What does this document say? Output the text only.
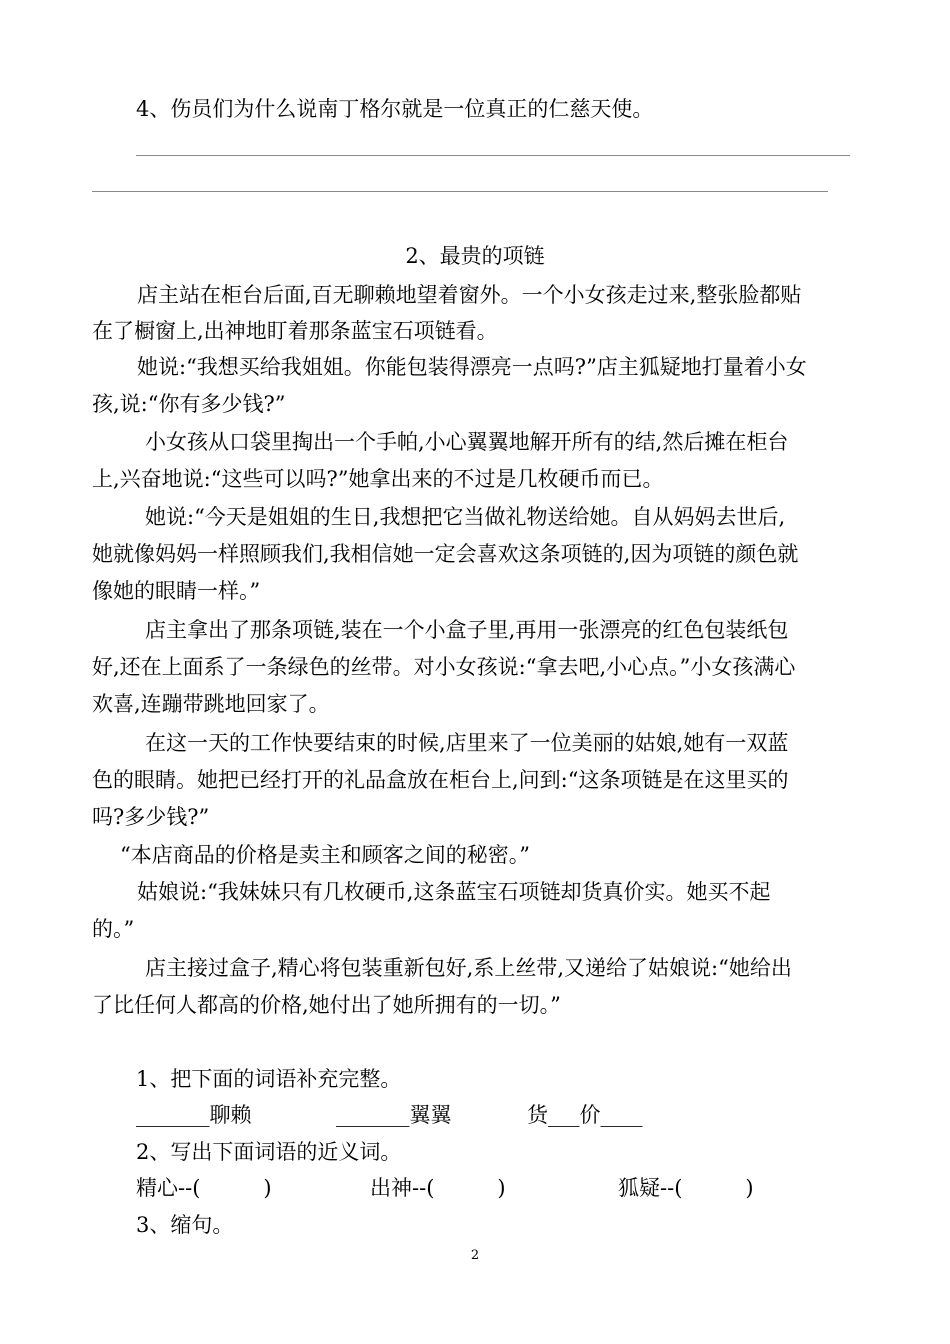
4、伤员们为什么说南丁格尔就是一位真正的仁慈天使。
2、最贵的项链
店主站在柜台后面,百无聊赖地望着窗外。一个小女孩走过来,整张脸都贴
在了橱窗上,出神地盯着那条蓝宝石项链看。
她说:“我想买给我姐姐。你能包装得漂亮一点吗?”店主狐疑地打量着小女
孩,说:“你有多少钱?”
小女孩从口袋里掏出一个手帕,小心翼翼地解开所有的结,然后摊在柜台
上,兴奋地说:“这些可以吗?”她拿出来的不过是几枚硬币而已。
她说:“今天是姐姐的生日,我想把它当做礼物送给她。自从妈妈去世后,
她就像妈妈一样照顾我们,我相信她一定会喜欢这条项链的,因为项链的颜色就
像她的眼睛一样。”
店主拿出了那条项链,装在一个小盒子里,再用一张漂亮的红色包装纸包
好,还在上面系了一条绿色的丝带。对小女孩说:“拿去吧,小心点。”小女孩满心
欢喜,连蹦带跳地回家了。
在这一天的工作快要结束的时候,店里来了一位美丽的姑娘,她有一双蓝
色的眼睛。她把已经打开的礼品盒放在柜台上,问到:“这条项链是在这里买的
吗?多少钱?”
“本店商品的价格是卖主和顾客之间的秘密。”
姑娘说:“我妹妹只有几枚硬币,这条蓝宝石项链却货真价实。她买不起
的。”
店主接过盒子,精心将包装重新包好,系上丝带,又递给了姑娘说:“她给出
了比任何人都高的价格,她付出了她所拥有的一切。”
1、把下面的词语补充完整。
_______聊赖	_______翼翼	货___价____
2、写出下面词语的近义词。
精心--(　　　)	出神--(　　　)	狐疑--(　　　)
3、缩句。
2
